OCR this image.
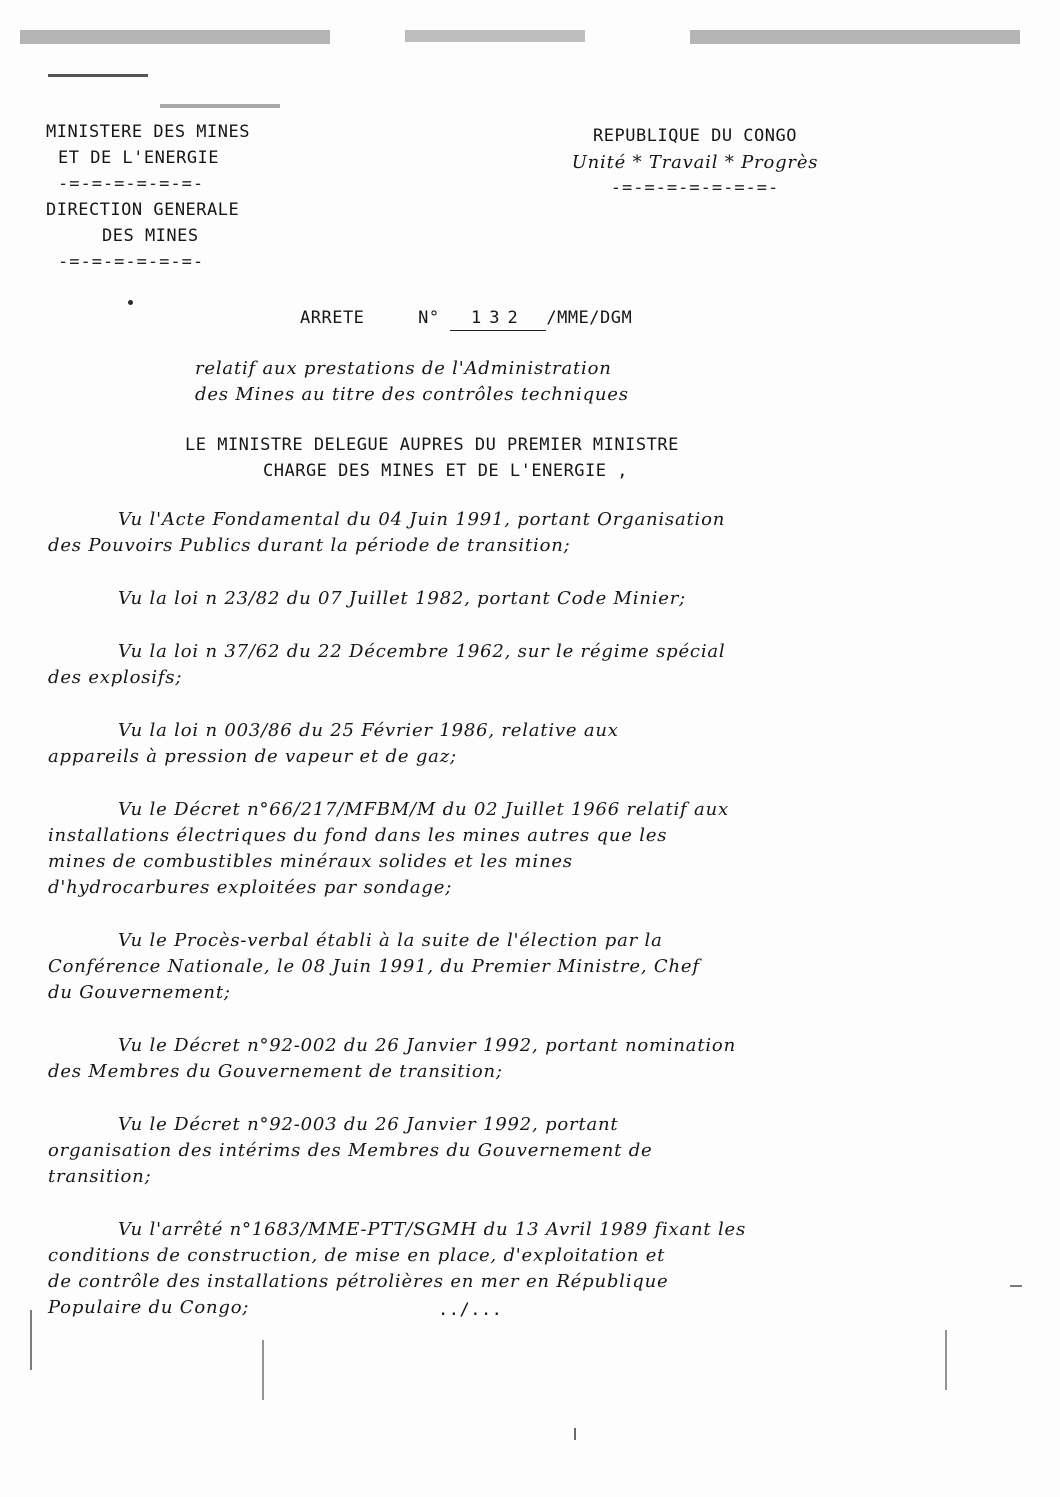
MINISTERE DES MINES
ET DE L'ENERGIE
-=-=-=-=-=-=-
DIRECTION GENERALE
DES MINES
-=-=-=-=-=-=-
REPUBLIQUE DU CONGO
Unité * Travail * Progrès
-=-=-=-=-=-=-=-
ARRETE	N° 132 /MME/DGM
relatif aux prestations de l'Administration
des Mines au titre des contrôles techniques
LE MINISTRE DELEGUE AUPRES DU PREMIER MINISTRE
CHARGE DES MINES ET DE L'ENERGIE ,
Vu l'Acte Fondamental du 04 Juin 1991, portant Organisation
des Pouvoirs Publics durant la période de transition;
Vu la loi n 23/82 du 07 Juillet 1982, portant Code Minier;
Vu la loi n 37/62 du 22 Décembre 1962, sur le régime spécial
des explosifs;
Vu la loi n 003/86 du 25 Février 1986, relative aux
appareils à pression de vapeur et de gaz;
Vu le Décret n°66/217/MFBM/M du 02 Juillet 1966 relatif aux
installations électriques du fond dans les mines autres que les
mines de combustibles minéraux solides et les mines
d'hydrocarbures exploitées par sondage;
Vu le Procès-verbal établi à la suite de l'élection par la
Conférence Nationale, le 08 Juin 1991, du Premier Ministre, Chef
du Gouvernement;
Vu le Décret n°92-002 du 26 Janvier 1992, portant nomination
des Membres du Gouvernement de transition;
Vu le Décret n°92-003 du 26 Janvier 1992, portant
organisation des intérims des Membres du Gouvernement de
transition;
Vu l'arrêté n°1683/MME-PTT/SGMH du 13 Avril 1989 fixant les
conditions de construction, de mise en place, d'exploitation et
de contrôle des installations pétrolières en mer en République
Populaire du Congo;	../...
